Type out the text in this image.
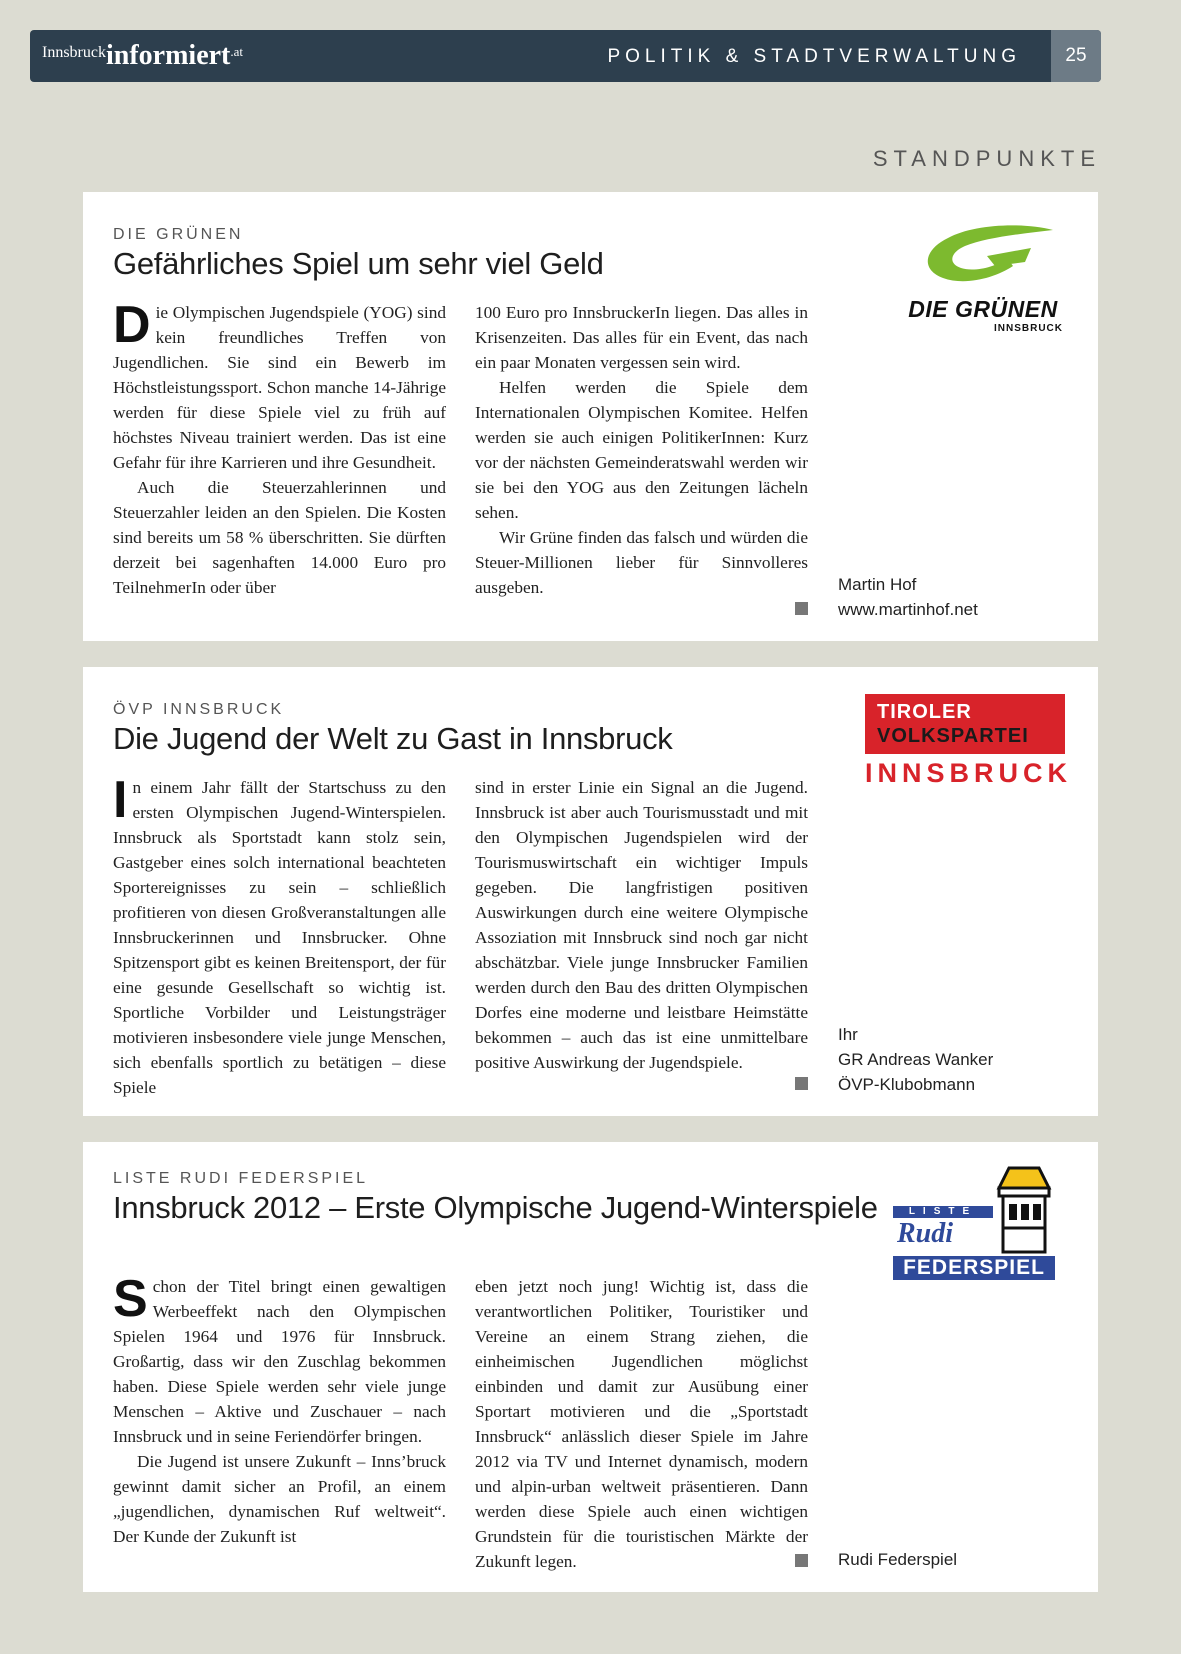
Innsbruckinformiert$^{.at}$	POLITIK & STADTVERWALTUNG	25
STANDPUNKTE
DIE GRÜNEN
Gefährliches Spiel um sehr viel Geld

Die Olympischen Jugendspiele (YOG) sind kein freundliches Treffen von Jugendlichen. Sie sind ein Bewerb im Höchstleistungssport. Schon manche 14-Jährige werden für diese Spiele viel zu früh auf höchstes Niveau trainiert werden. Das ist eine Gefahr für ihre Karrieren und ihre Gesundheit.

Auch die Steuerzahlerinnen und Steuerzahler leiden an den Spielen. Die Kosten sind bereits um 58 % überschritten. Sie dürften derzeit bei sagenhaften 14.000 Euro pro TeilnehmerIn oder über

100 Euro pro InnsbruckerIn liegen. Das alles in Krisenzeiten. Das alles für ein Event, das nach ein paar Monaten vergessen sein wird.

Helfen werden die Spiele dem Internationalen Olympischen Komitee. Helfen werden sie auch einigen PolitikerInnen: Kurz vor der nächsten Gemeinderatswahl werden wir sie bei den YOG aus den Zeitungen lächeln sehen.

Wir Grüne finden das falsch und würden die Steuer-Millionen lieber für Sinnvolleres ausgeben.	Martin Hof
www.martinhof.net
DIE GRÜNEN
INNSBRUCK
ÖVP INNSBRUCK
Die Jugend der Welt zu Gast in Innsbruck

In einem Jahr fällt der Startschuss zu den ersten Olympischen Jugend-Winterspielen. Innsbruck als Sportstadt kann stolz sein, Gastgeber eines solch international beachteten Sportereignisses zu sein – schließlich profitieren von diesen Großveranstaltungen alle Innsbruckerinnen und Innsbrucker. Ohne Spitzensport gibt es keinen Breitensport, der für eine gesunde Gesellschaft so wichtig ist. Sportliche Vorbilder und Leistungsträger motivieren insbesondere viele junge Menschen, sich ebenfalls sportlich zu betätigen – diese Spiele

sind in erster Linie ein Signal an die Jugend. Innsbruck ist aber auch Tourismusstadt und mit den Olympischen Jugendspielen wird der Tourismuswirtschaft ein wichtiger Impuls gegeben. Die langfristigen positiven Auswirkungen durch eine weitere Olympische Assoziation mit Innsbruck sind noch gar nicht abschätzbar. Viele junge Innsbrucker Familien werden durch den Bau des dritten Olympischen Dorfes eine moderne und leistbare Heimstätte bekommen – auch das ist eine unmittelbare positive Auswirkung der Jugendspiele.

Ihr
GR Andreas Wanker
ÖVP-Klubobmann
TIROLER
VOLKSPARTEI
INNSBRUCK
LISTE RUDI FEDERSPIEL
Innsbruck 2012 – Erste Olympische Jugend-Winterspiele

Schon der Titel bringt einen gewaltigen Werbeeffekt nach den Olympischen Spielen 1964 und 1976 für Innsbruck. Großartig, dass wir den Zuschlag bekommen haben. Diese Spiele werden sehr viele junge Menschen – Aktive und Zuschauer – nach Innsbruck und in seine Feriendörfer bringen.

Die Jugend ist unsere Zukunft – Inns’bruck gewinnt damit sicher an Profil, an einem „jugendlichen, dynamischen Ruf weltweit“. Der Kunde der Zukunft ist

eben jetzt noch jung! Wichtig ist, dass die verantwortlichen Politiker, Touristiker und Vereine an einem Strang ziehen, die einheimischen Jugendlichen möglichst einbinden und damit zur Ausübung einer Sportart motivieren und die „Sportstadt Innsbruck“ anlässlich dieser Spiele im Jahre 2012 via TV und Internet dynamisch, modern und alpin-urban weltweit präsentieren. Dann werden diese Spiele auch einen wichtigen Grundstein für die touristischen Märkte der Zukunft legen.	Rudi Federspiel
LISTE
Rudi
FEDERSPIEL
